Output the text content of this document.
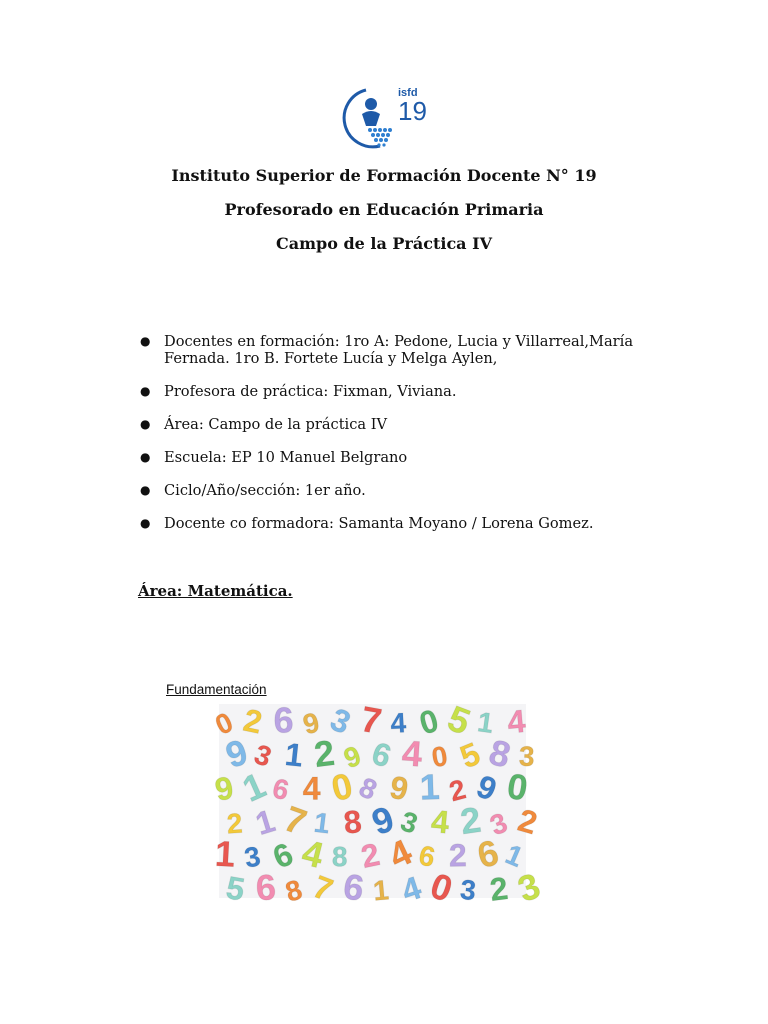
isfd
19
Instituto Superior de Formación Docente N° 19
Profesorado en Educación Primaria
Campo de la Práctica IV
● Docentes en formación: 1ro A: Pedone, Lucia y Villarreal,María
Fernada. 1ro B. Fortete Lucía y Melga Aylen,
● Profesora de práctica: Fixman, Viviana.
● Área: Campo de la práctica IV
● Escuela: EP 10 Manuel Belgrano
● Ciclo/Año/sección: 1er año.
● Docente co formadora: Samanta Moyano / Lorena Gomez.
Área: Matemática.
Fundamentación
0 2 6 9 3 7 4 0 5 1 4
9
3 1 2 9 6 4 0 5 8 3
9 1
6 4 0
8 9 1 2 9 0
2 1 7 1 8 9
3 4 2 3 2
1 3 6 4 8 2 4
6 2 6
1
5 6 8 7 6 1 4 0 3 2 3
